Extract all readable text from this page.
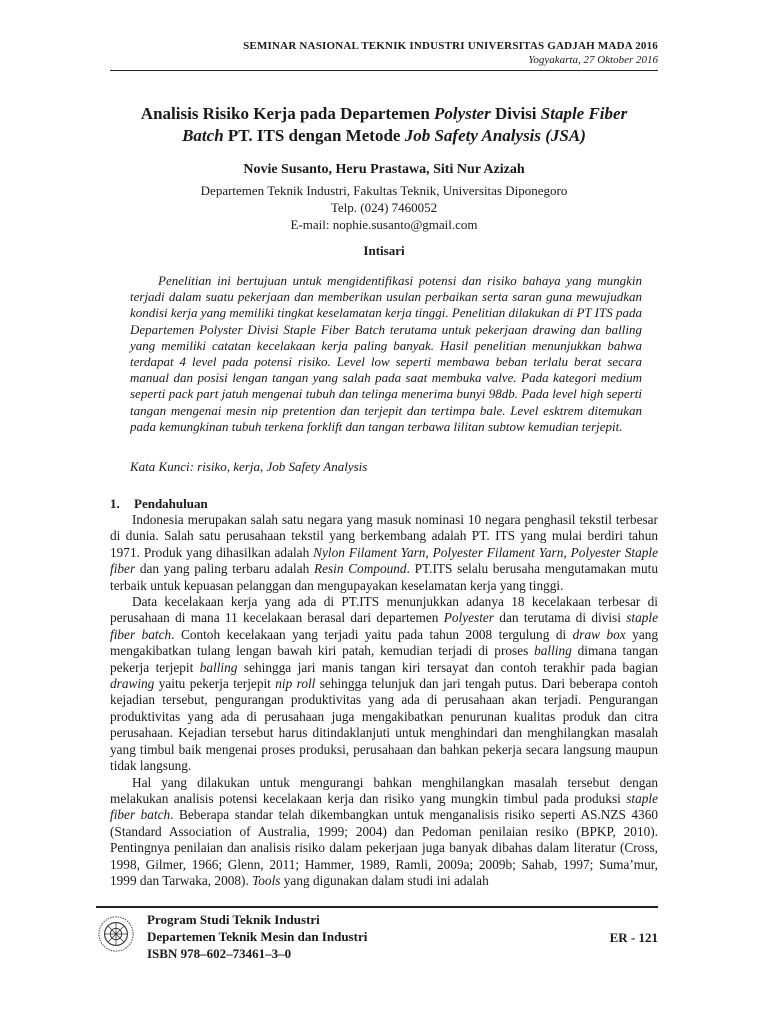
SEMINAR NASIONAL TEKNIK INDUSTRI UNIVERSITAS GADJAH MADA 2016
Yogyakarta, 27 Oktober 2016
Analisis Risiko Kerja pada Departemen Polyster Divisi Staple Fiber
Batch PT. ITS dengan Metode Job Safety Analysis (JSA)
Novie Susanto, Heru Prastawa, Siti Nur Azizah
Departemen Teknik Industri, Fakultas Teknik, Universitas Diponegoro
Telp. (024) 7460052
E-mail: nophie.susanto@gmail.com
Intisari
Penelitian ini bertujuan untuk mengidentifikasi potensi dan risiko bahaya yang mungkin terjadi dalam suatu pekerjaan dan memberikan usulan perbaikan serta saran guna mewujudkan kondisi kerja yang memiliki tingkat keselamatan kerja tinggi. Penelitian dilakukan di PT ITS pada Departemen Polyster Divisi Staple Fiber Batch terutama untuk pekerjaan drawing dan balling yang memiliki catatan kecelakaan kerja paling banyak. Hasil penelitian menunjukkan bahwa terdapat 4 level pada potensi risiko. Level low seperti membawa beban terlalu berat secara manual dan posisi lengan tangan yang salah pada saat membuka valve. Pada kategori medium seperti pack part jatuh mengenai tubuh dan telinga menerima bunyi 98db. Pada level high seperti tangan mengenai mesin nip pretention dan terjepit dan tertimpa bale. Level esktrem ditemukan pada kemungkinan tubuh terkena forklift dan tangan terbawa lilitan subtow kemudian terjepit.
Kata Kunci: risiko, kerja, Job Safety Analysis
1. Pendahuluan

Indonesia merupakan salah satu negara yang masuk nominasi 10 negara penghasil tekstil terbesar di dunia. Salah satu perusahaan tekstil yang berkembang adalah PT. ITS yang mulai berdiri tahun 1971. Produk yang dihasilkan adalah Nylon Filament Yarn, Polyester Filament Yarn, Polyester Staple fiber dan yang paling terbaru adalah Resin Compound. PT.ITS selalu berusaha mengutamakan mutu terbaik untuk kepuasan pelanggan dan mengupayakan keselamatan kerja yang tinggi.

Data kecelakaan kerja yang ada di PT.ITS menunjukkan adanya 18 kecelakaan terbesar di perusahaan di mana 11 kecelakaan berasal dari departemen Polyester dan terutama di divisi staple fiber batch. Contoh kecelakaan yang terjadi yaitu pada tahun 2008 tergulung di draw box yang mengakibatkan tulang lengan bawah kiri patah, kemudian terjadi di proses balling dimana tangan pekerja terjepit balling sehingga jari manis tangan kiri tersayat dan contoh terakhir pada bagian drawing yaitu pekerja terjepit nip roll sehingga telunjuk dan jari tengah putus. Dari beberapa contoh kejadian tersebut, pengurangan produktivitas yang ada di perusahaan akan terjadi. Pengurangan produktivitas yang ada di perusahaan juga mengakibatkan penurunan kualitas produk dan citra perusahaan. Kejadian tersebut harus ditindaklanjuti untuk menghindari dan menghilangkan masalah yang timbul baik mengenai proses produksi, perusahaan dan bahkan pekerja secara langsung maupun tidak langsung.

Hal yang dilakukan untuk mengurangi bahkan menghilangkan masalah tersebut dengan melakukan analisis potensi kecelakaan kerja dan risiko yang mungkin timbul pada produksi staple fiber batch. Beberapa standar telah dikembangkan untuk menganalisis risiko seperti AS.NZS 4360 (Standard Association of Australia, 1999; 2004) dan Pedoman penilaian resiko (BPKP, 2010). Pentingnya penilaian dan analisis risiko dalam pekerjaan juga banyak dibahas dalam literatur (Cross, 1998, Gilmer, 1966; Glenn, 2011; Hammer, 1989, Ramli, 2009a; 2009b; Sahab, 1997; Suma’mur, 1999 dan Tarwaka, 2008). Tools yang digunakan dalam studi ini adalah

Program Studi Teknik Industri
Departemen Teknik Mesin dan Industri
ISBN 978–602–73461–3–0
ER - 121
